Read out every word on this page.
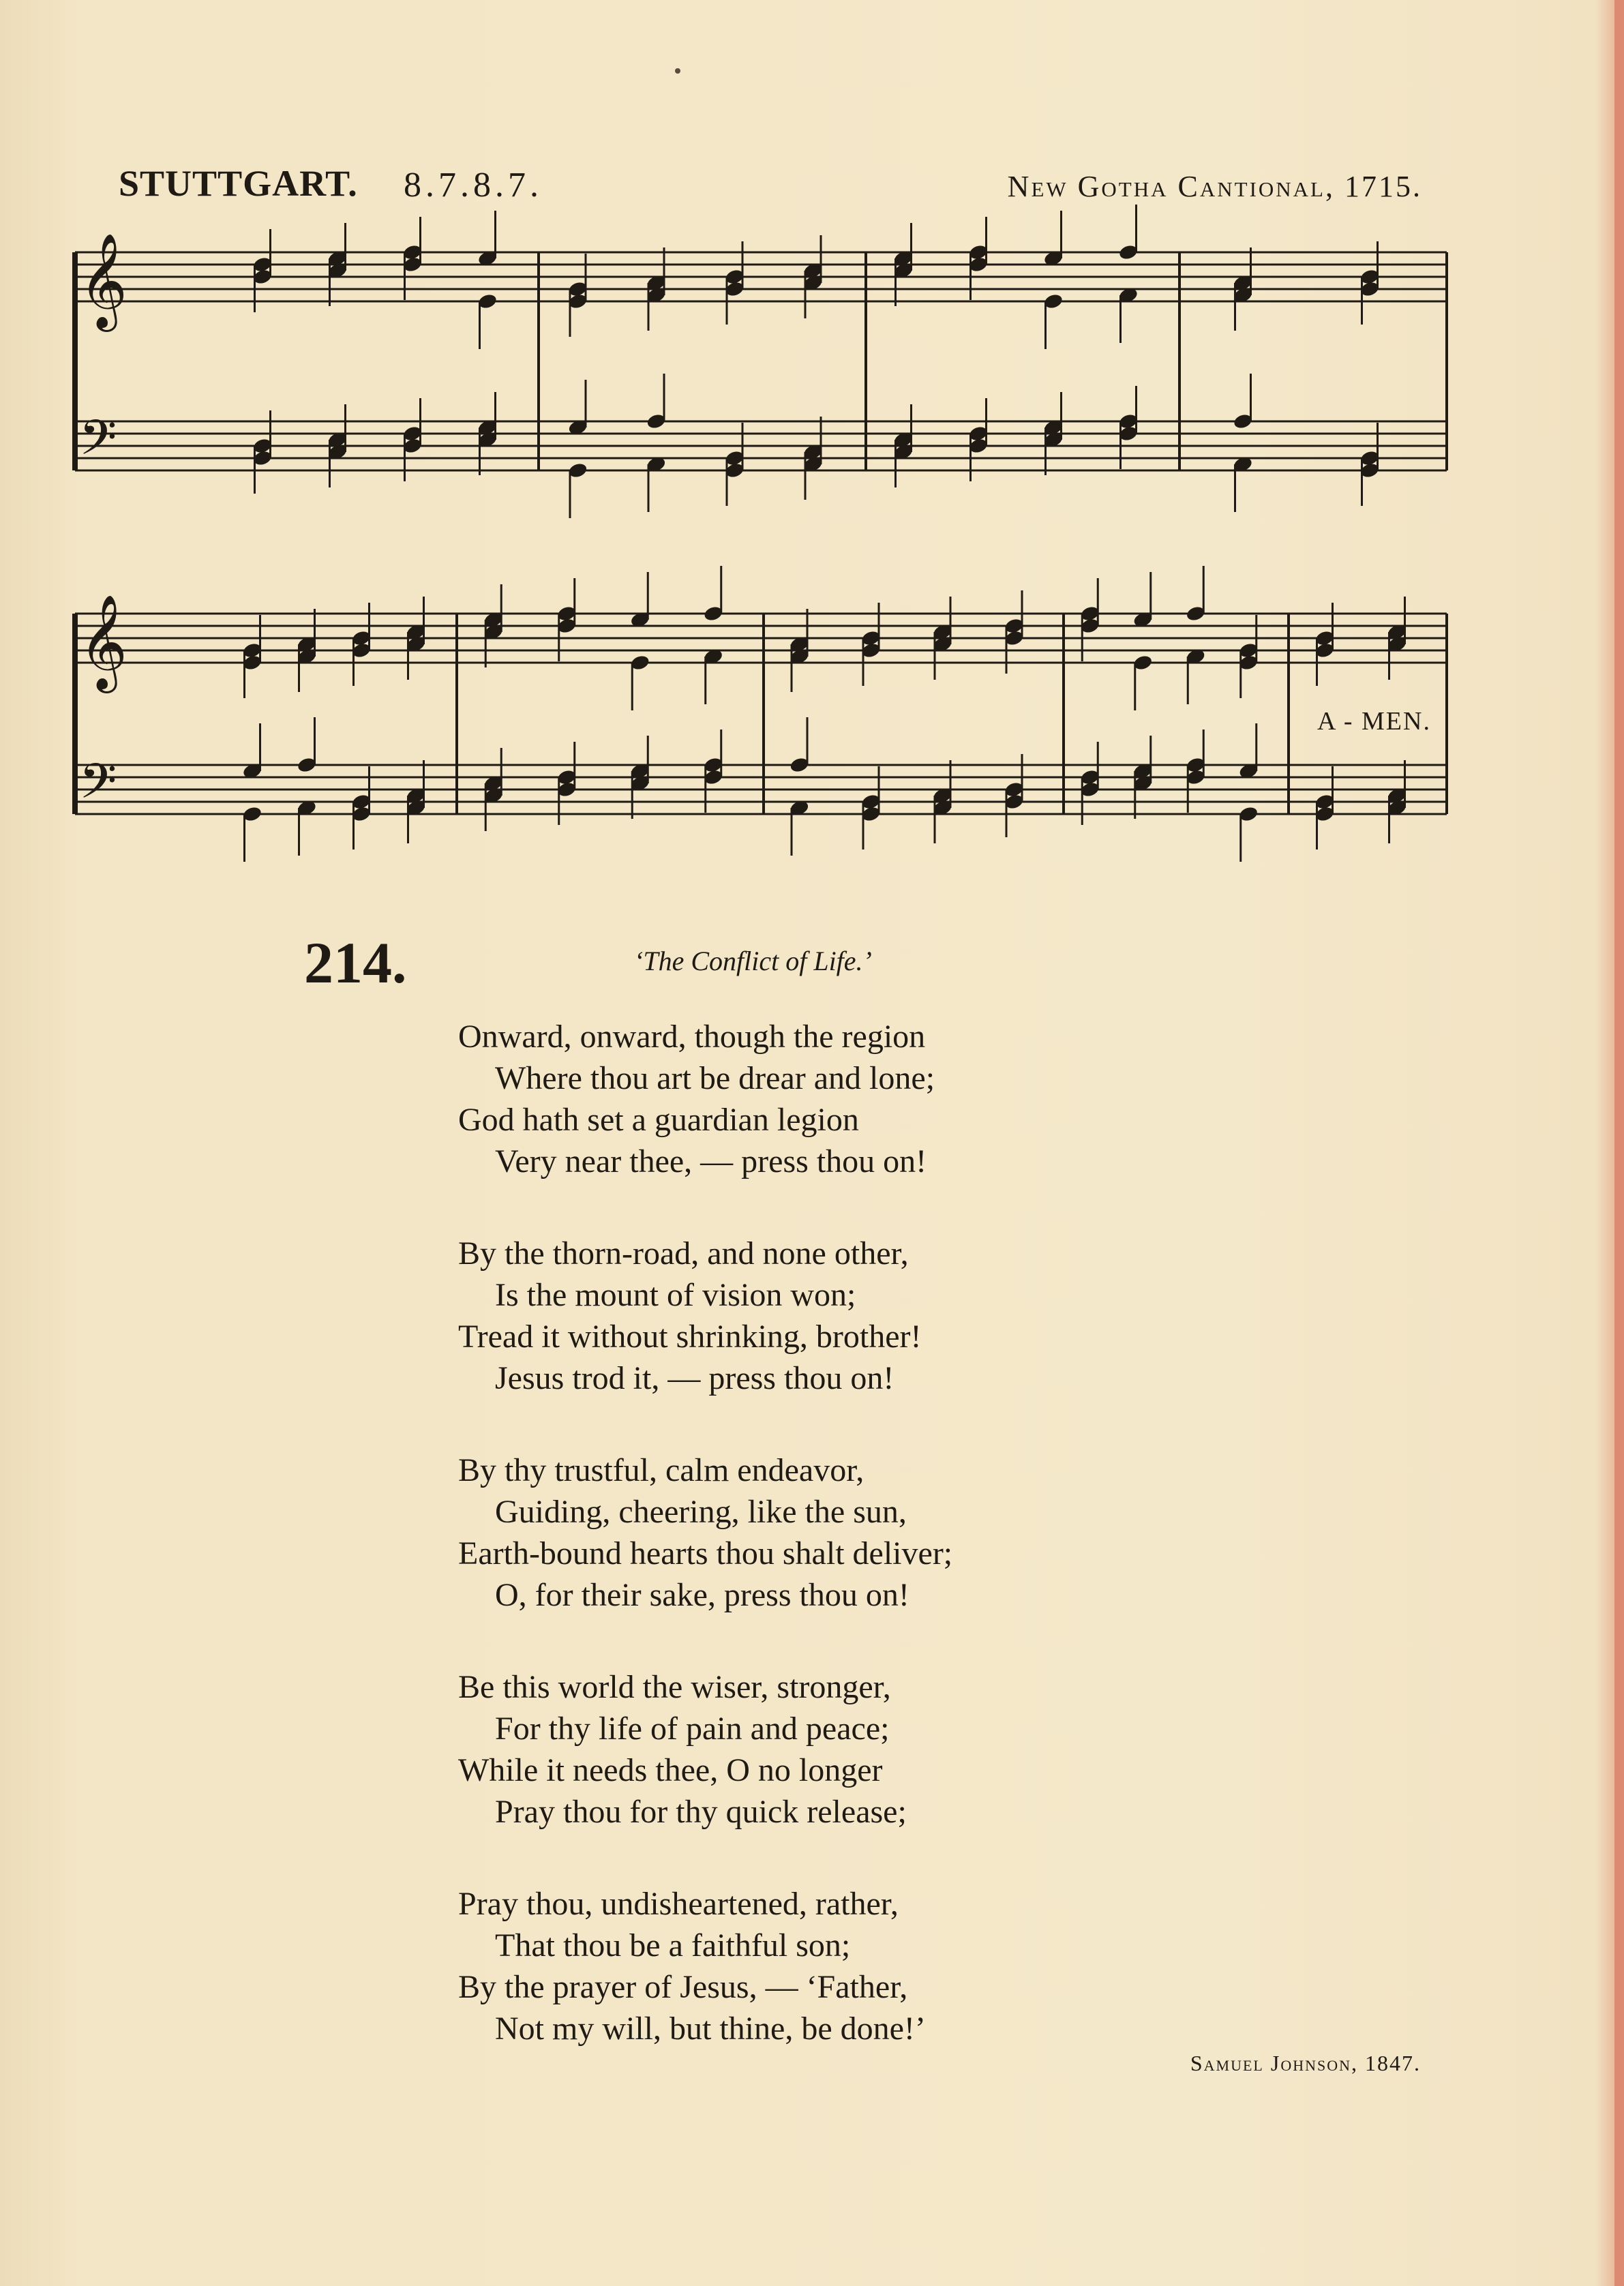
STUTTGART. 8.7.8.7.	New Gotha Cantional, 1715.
𝄞
𝄢
𝄞
𝄢
A - MEN.
214.	‘The Conflict of Life.’
Onward, onward, though the region
Where thou art be drear and lone;
God hath set a guardian legion
Very near thee, — press thou on!
By the thorn-road, and none other,
Is the mount of vision won;
Tread it without shrinking, brother!
Jesus trod it, — press thou on!
By thy trustful, calm endeavor,
Guiding, cheering, like the sun,
Earth-bound hearts thou shalt deliver;
O, for their sake, press thou on!
Be this world the wiser, stronger,
For thy life of pain and peace;
While it needs thee, O no longer
Pray thou for thy quick release;
Pray thou, undisheartened, rather,
That thou be a faithful son;
By the prayer of Jesus, — ‘Father,
Not my will, but thine, be done!’
Samuel Johnson, 1847.
